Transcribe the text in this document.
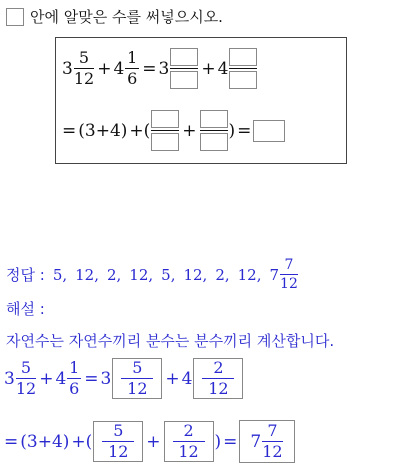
안에 알맞은 수를 써넣으시오.
$3 \frac{5}{12} + 4 \frac{1}{6} = 3 + 4$
= (3+4) + ( + ) =
정답 : 5, 12, 2, 12, 5, 12, 2, 12, $7 \frac{7}{12}$
해설 :
자연수는 자연수끼리 분수는 분수끼리 계산합니다.
$3 \frac{5}{12} + 4 \frac{1}{6} = 3 \frac{5}{12} + 4 \frac{2}{12}$
= (3+4) + ( $\frac{5}{12} + \frac{2}{12}$ ) = $7 \frac{7}{12}$
